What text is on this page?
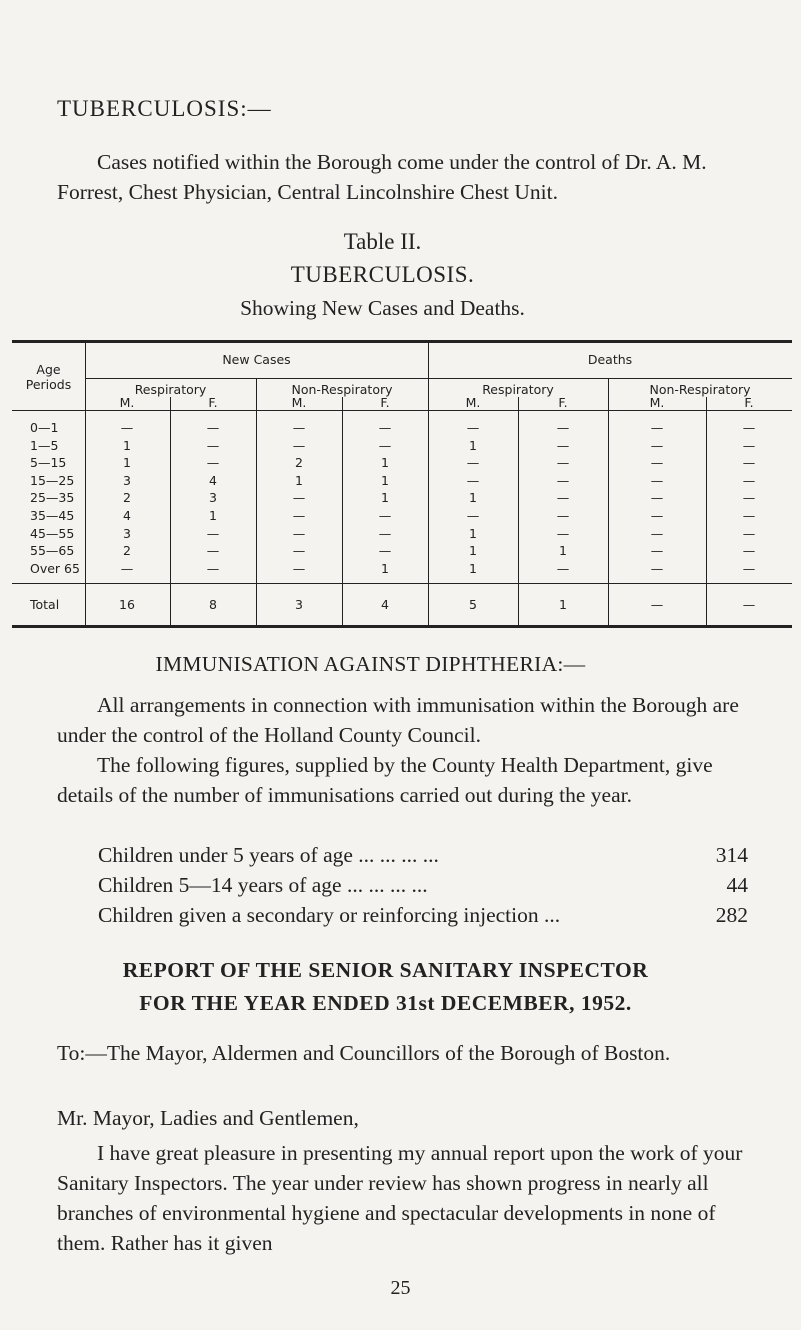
TUBERCULOSIS:—
Cases notified within the Borough come under the control of Dr. A. M. Forrest, Chest Physician, Central Lincolnshire Chest Unit.
Table II.
TUBERCULOSIS.
Showing New Cases and Deaths.
Age Periods
New Cases	Deaths
Respiratory	Non-Respiratory	Respiratory	Non-Respiratory
M.	F.	M.	F.	M.	F.	M.	F.
0—1	—	—	—	—	—	—	—	—
1—5	1	—	—	—	1	—	—	—
5—15	1	—	2	1	—	—	—	—
15—25	3	4	1	1	—	—	—	—
25—35	2	3	—	1	1	—	—	—
35—45	4	1	—	—	—	—	—	—
45—55	3	—	—	—	1	—	—	—
55—65	2	—	—	—	1	1	—	—
Over 65	—	—	—	1	1	—	—	—
Total	16	8	3	4	5	1	—	—
IMMUNISATION AGAINST DIPHTHERIA:—
All arrangements in connection with immunisation within the Borough are under the control of the Holland County Council.
The following figures, supplied by the County Health Department, give details of the number of immunisations carried out during the year.
Children under 5 years of age ... ... ... ...	314
Children 5—14 years of age ... ... ... ...	44
Children given a secondary or reinforcing injection ...	282
REPORT OF THE SENIOR SANITARY INSPECTOR
FOR THE YEAR ENDED 31st DECEMBER, 1952.
To:—The Mayor, Aldermen and Councillors of the Borough of Boston.
Mr. Mayor, Ladies and Gentlemen,
I have great pleasure in presenting my annual report upon the work of your Sanitary Inspectors. The year under review has shown progress in nearly all branches of environmental hygiene and spectacular developments in none of them. Rather has it given
25
